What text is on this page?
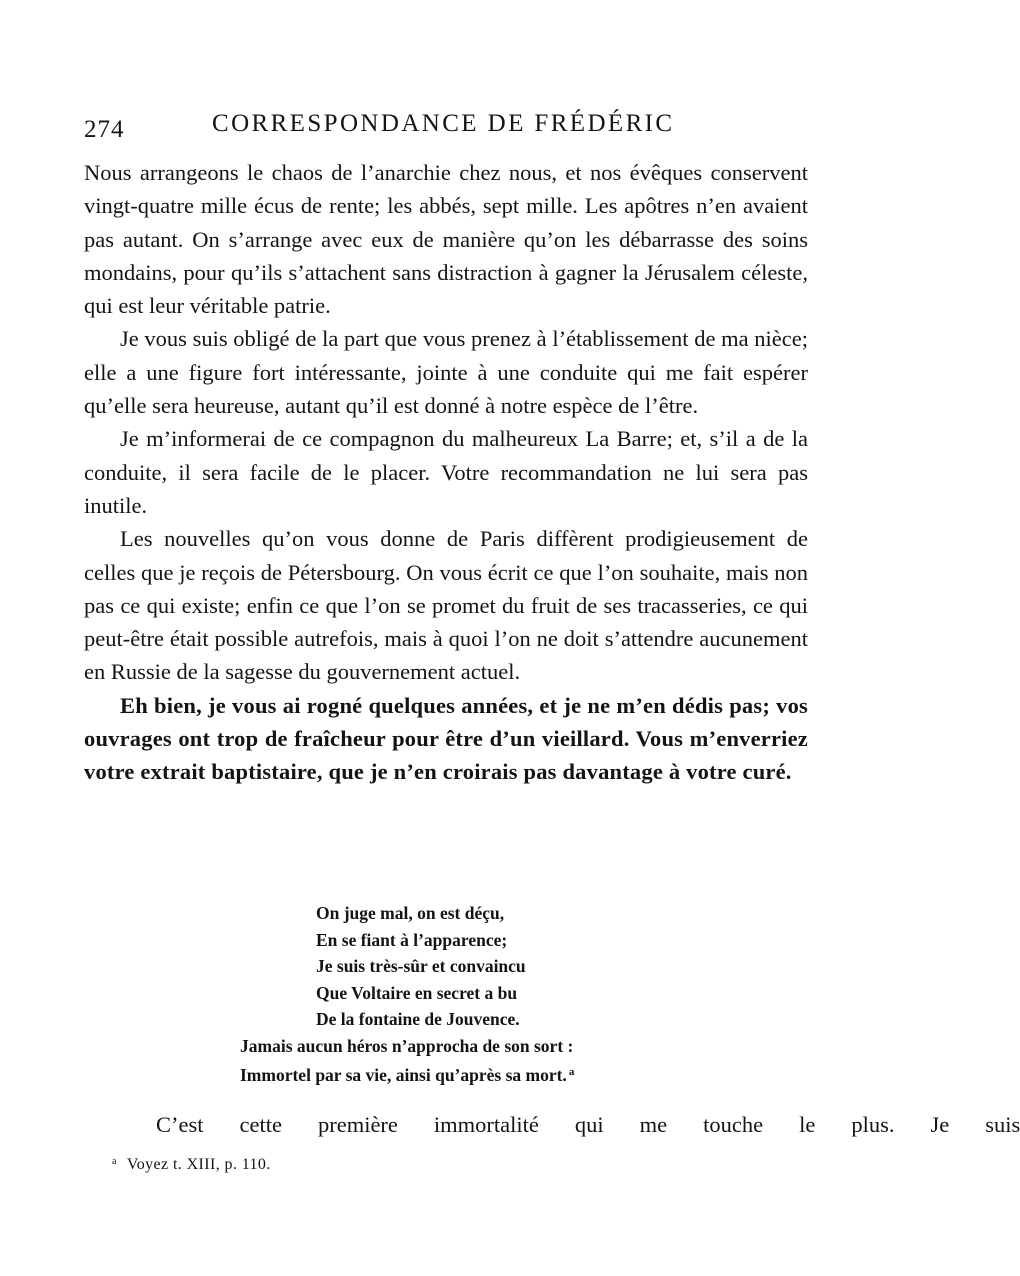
274	CORRESPONDANCE DE FRÉDÉRIC

Nous arrangeons le chaos de l’anarchie chez nous, et nos évêques conservent vingt-quatre mille écus de rente; les abbés, sept mille. Les apôtres n’en avaient pas autant. On s’arrange avec eux de manière qu’on les débarrasse des soins mondains, pour qu’ils s’attachent sans distraction à gagner la Jérusalem céleste, qui est leur véritable patrie.

Je vous suis obligé de la part que vous prenez à l’établissement de ma nièce; elle a une figure fort intéressante, jointe à une conduite qui me fait espérer qu’elle sera heureuse, autant qu’il est donné à notre espèce de l’être.

Je m’informerai de ce compagnon du malheureux La Barre; et, s’il a de la conduite, il sera facile de le placer. Votre recommandation ne lui sera pas inutile.

Les nouvelles qu’on vous donne de Paris diffèrent prodigieusement de celles que je reçois de Pétersbourg. On vous écrit ce que l’on souhaite, mais non pas ce qui existe; enfin ce que l’on se promet du fruit de ses tracasseries, ce qui peut-être était possible autrefois, mais à quoi l’on ne doit s’attendre aucunement en Russie de la sagesse du gouvernement actuel.

Eh bien, je vous ai rogné quelques années, et je ne m’en dédis pas; vos ouvrages ont trop de fraîcheur pour être d’un vieillard. Vous m’enverriez votre extrait baptistaire, que je n’en croirais pas davantage à votre curé.

On juge mal, on est déçu,
En se fiant à l’apparence;
Je suis très-sûr et convaincu
Que Voltaire en secret a bu
De la fontaine de Jouvence.
Jamais aucun héros n’approcha de son sort :
Immortel par sa vie, ainsi qu’après sa mort. $^a$
C’est	cette	première	immortalité	qui	me	touche	le	plus.	Je	suis
$^a$ Voyez t. XIII, p. 110.
